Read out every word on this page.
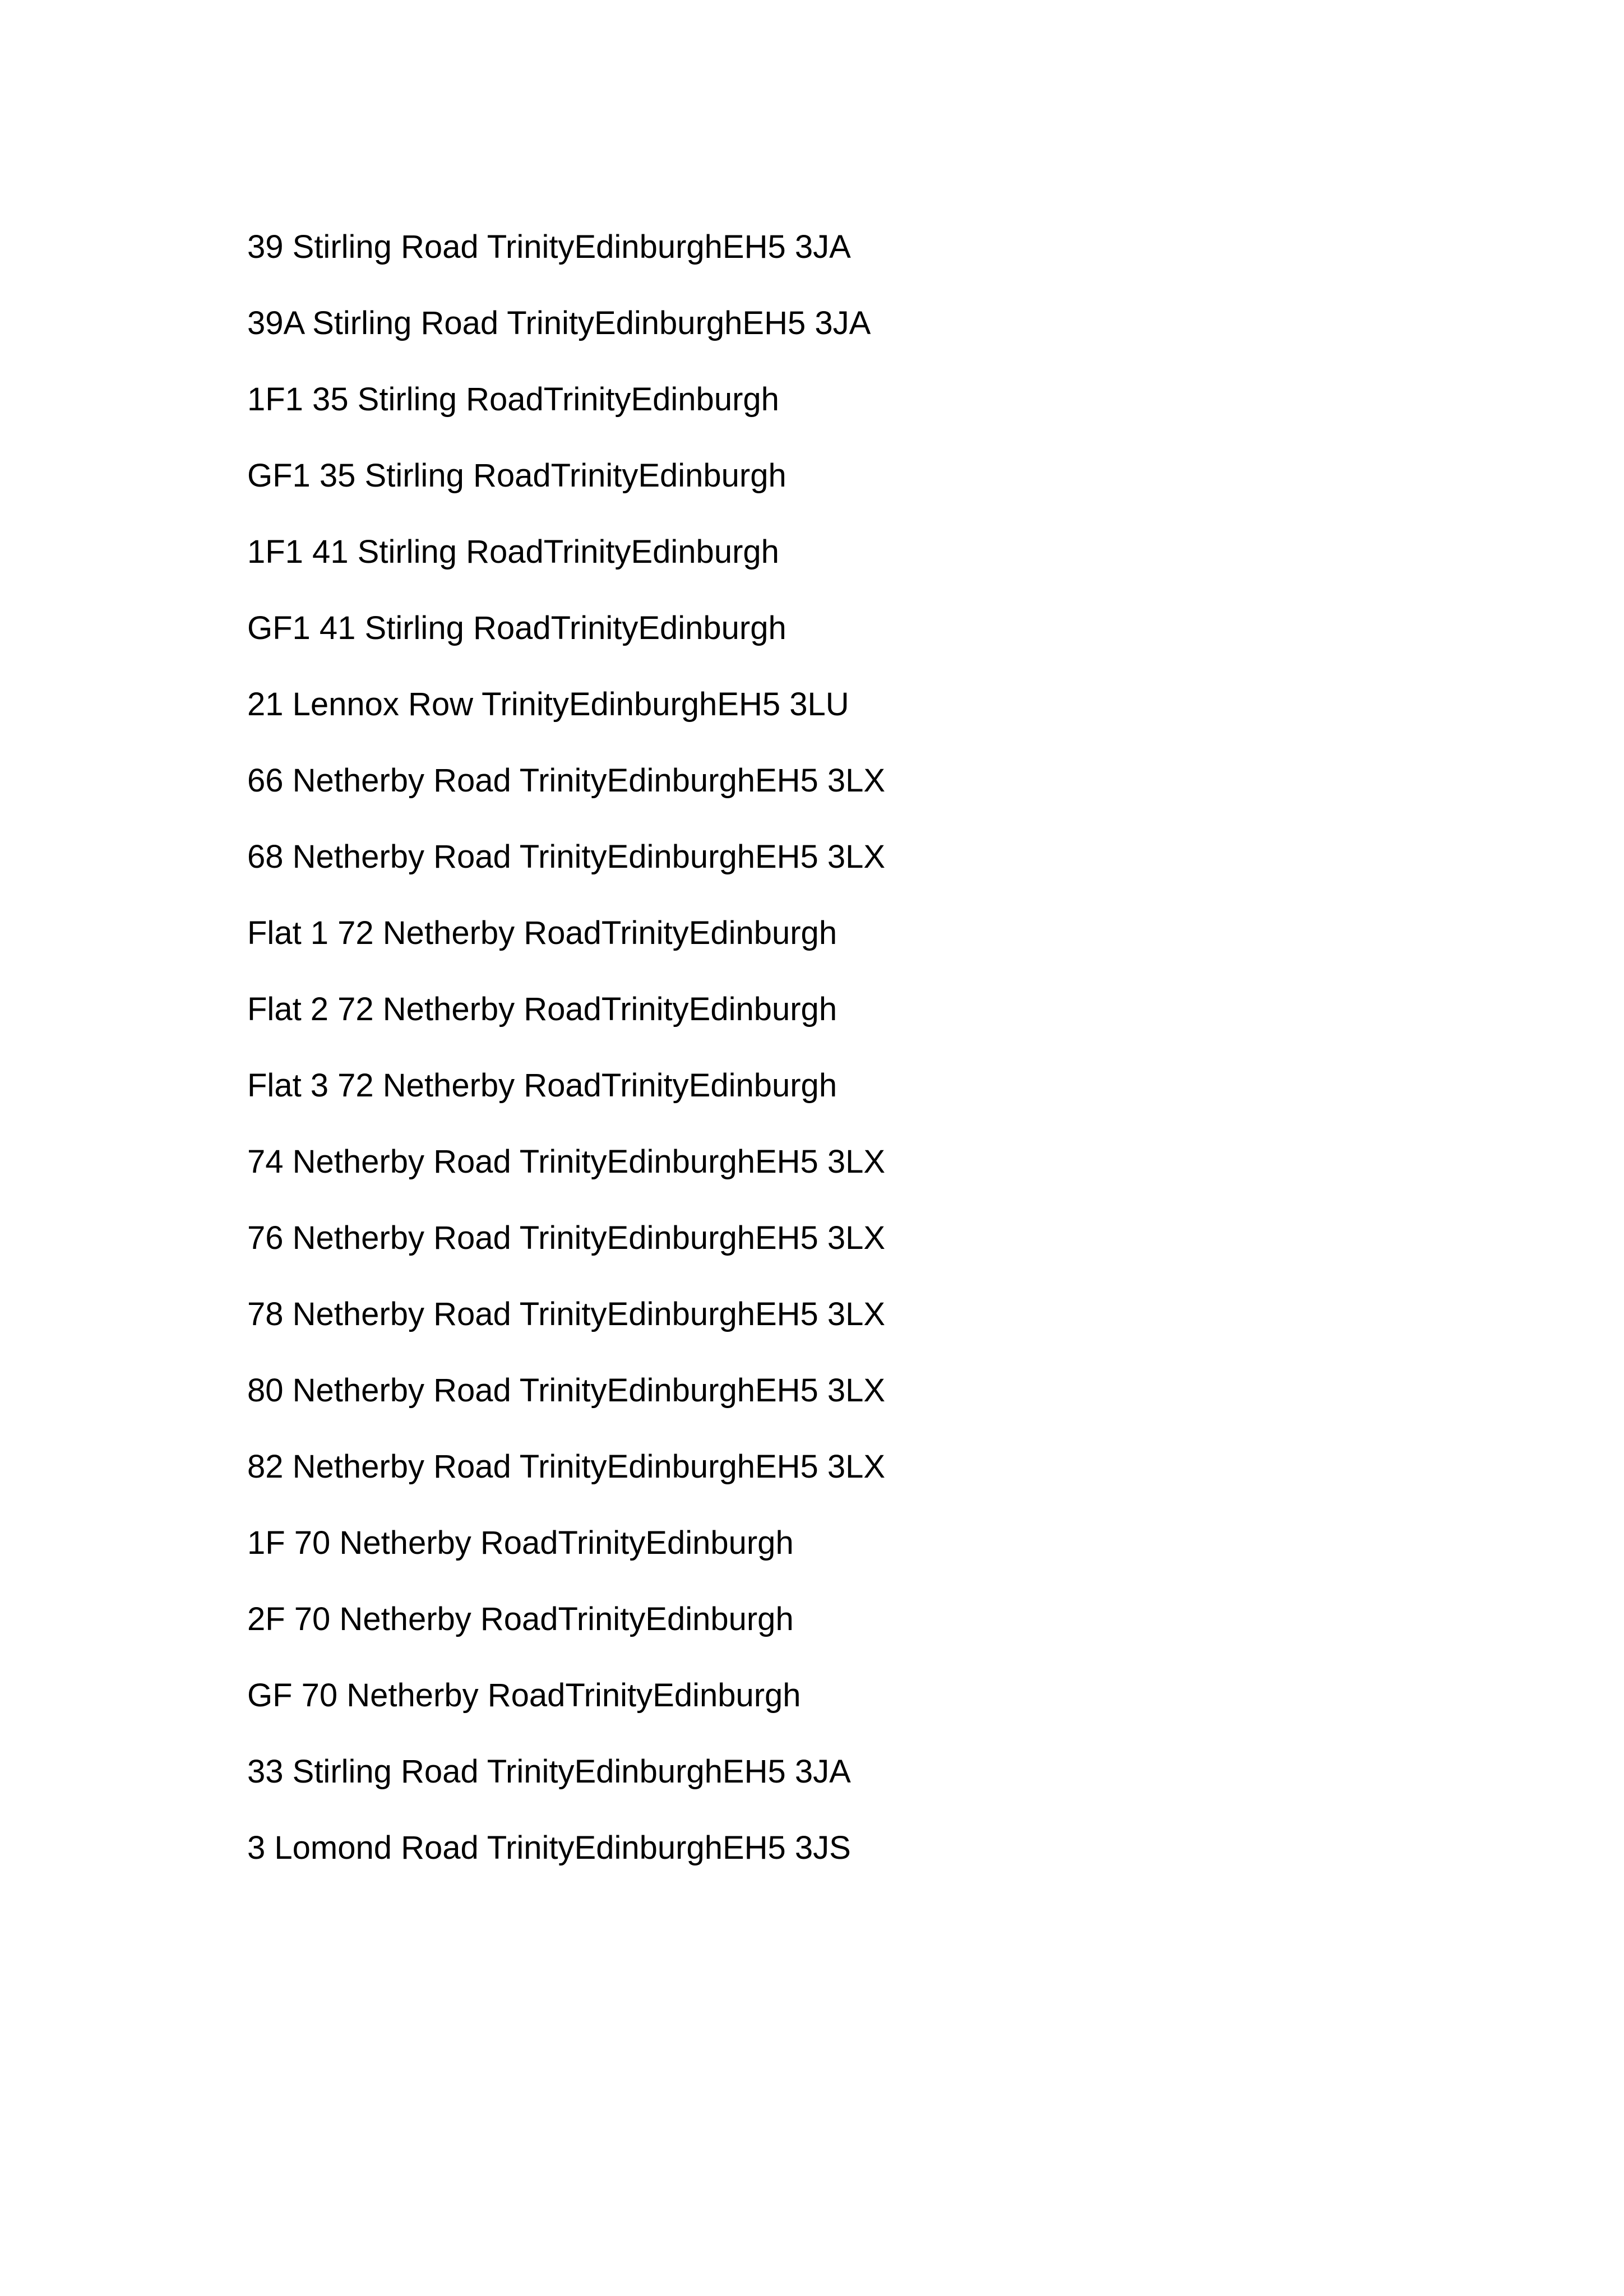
39 Stirling Road TrinityEdinburghEH5 3JA
39A Stirling Road TrinityEdinburghEH5 3JA
1F1 35 Stirling RoadTrinityEdinburgh
GF1 35 Stirling RoadTrinityEdinburgh
1F1 41 Stirling RoadTrinityEdinburgh
GF1 41 Stirling RoadTrinityEdinburgh
21 Lennox Row TrinityEdinburghEH5 3LU
66 Netherby Road TrinityEdinburghEH5 3LX
68 Netherby Road TrinityEdinburghEH5 3LX
Flat 1 72 Netherby RoadTrinityEdinburgh
Flat 2 72 Netherby RoadTrinityEdinburgh
Flat 3 72 Netherby RoadTrinityEdinburgh
74 Netherby Road TrinityEdinburghEH5 3LX
76 Netherby Road TrinityEdinburghEH5 3LX
78 Netherby Road TrinityEdinburghEH5 3LX
80 Netherby Road TrinityEdinburghEH5 3LX
82 Netherby Road TrinityEdinburghEH5 3LX
1F 70 Netherby RoadTrinityEdinburgh
2F 70 Netherby RoadTrinityEdinburgh
GF 70 Netherby RoadTrinityEdinburgh
33 Stirling Road TrinityEdinburghEH5 3JA
3 Lomond Road TrinityEdinburghEH5 3JS
